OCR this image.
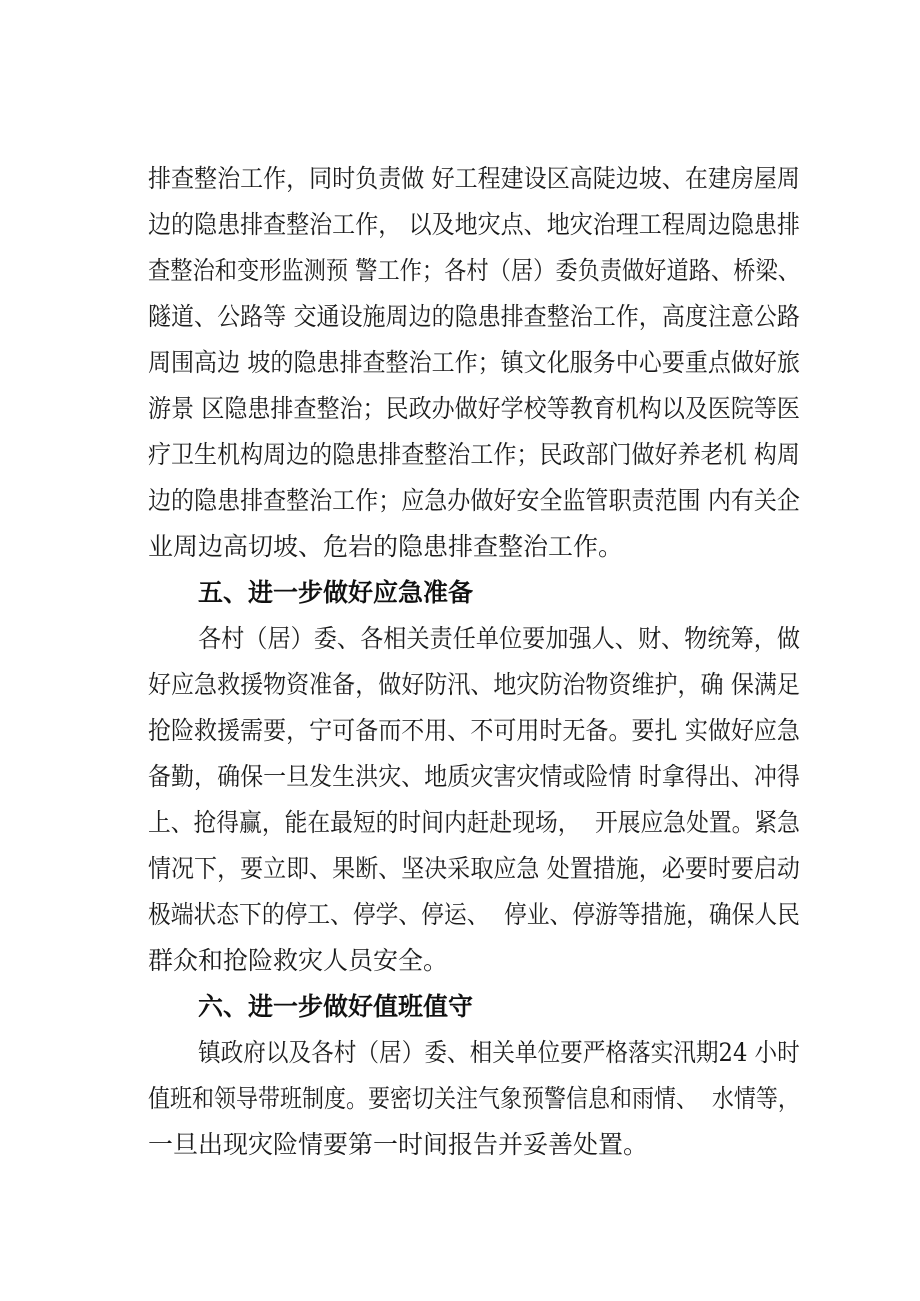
排查整治工作，同时负责做 好工程建设区高陡边坡、在建房屋周
边的隐患排查整治工作， 以及地灾点、地灾治理工程周边隐患排
查整治和变形监测预 警工作；各村（居）委负责做好道路、桥梁、
隧道、公路等 交通设施周边的隐患排查整治工作，高度注意公路
周围高边 坡的隐患排查整治工作；镇文化服务中心要重点做好旅
游景 区隐患排查整治；民政办做好学校等教育机构以及医院等医
疗卫生机构周边的隐患排查整治工作；民政部门做好养老机 构周
边的隐患排查整治工作；应急办做好安全监管职责范围 内有关企
业周边高切坡、危岩的隐患排查整治工作。
五、进一步做好应急准备
各村（居）委、各相关责任单位要加强人、财、物统筹，做
好应急救援物资准备，做好防汛、地灾防治物资维护，确 保满足
抢险救援需要，宁可备而不用、不可用时无备。要扎 实做好应急
备勤，确保一旦发生洪灾、地质灾害灾情或险情 时拿得出、冲得
上、抢得赢，能在最短的时间内赶赴现场，  开展应急处置。紧急
情况下，要立即、果断、坚决采取应急 处置措施，必要时要启动
极端状态下的停工、停学、停运、  停业、停游等措施，确保人民
群众和抢险救灾人员安全。
六、进一步做好值班值守
镇政府以及各村（居）委、相关单位要严格落实汛期24 小时
值班和领导带班制度。要密切关注气象预警信息和雨情、  水情等，
一旦出现灾险情要第一时间报告并妥善处置。
